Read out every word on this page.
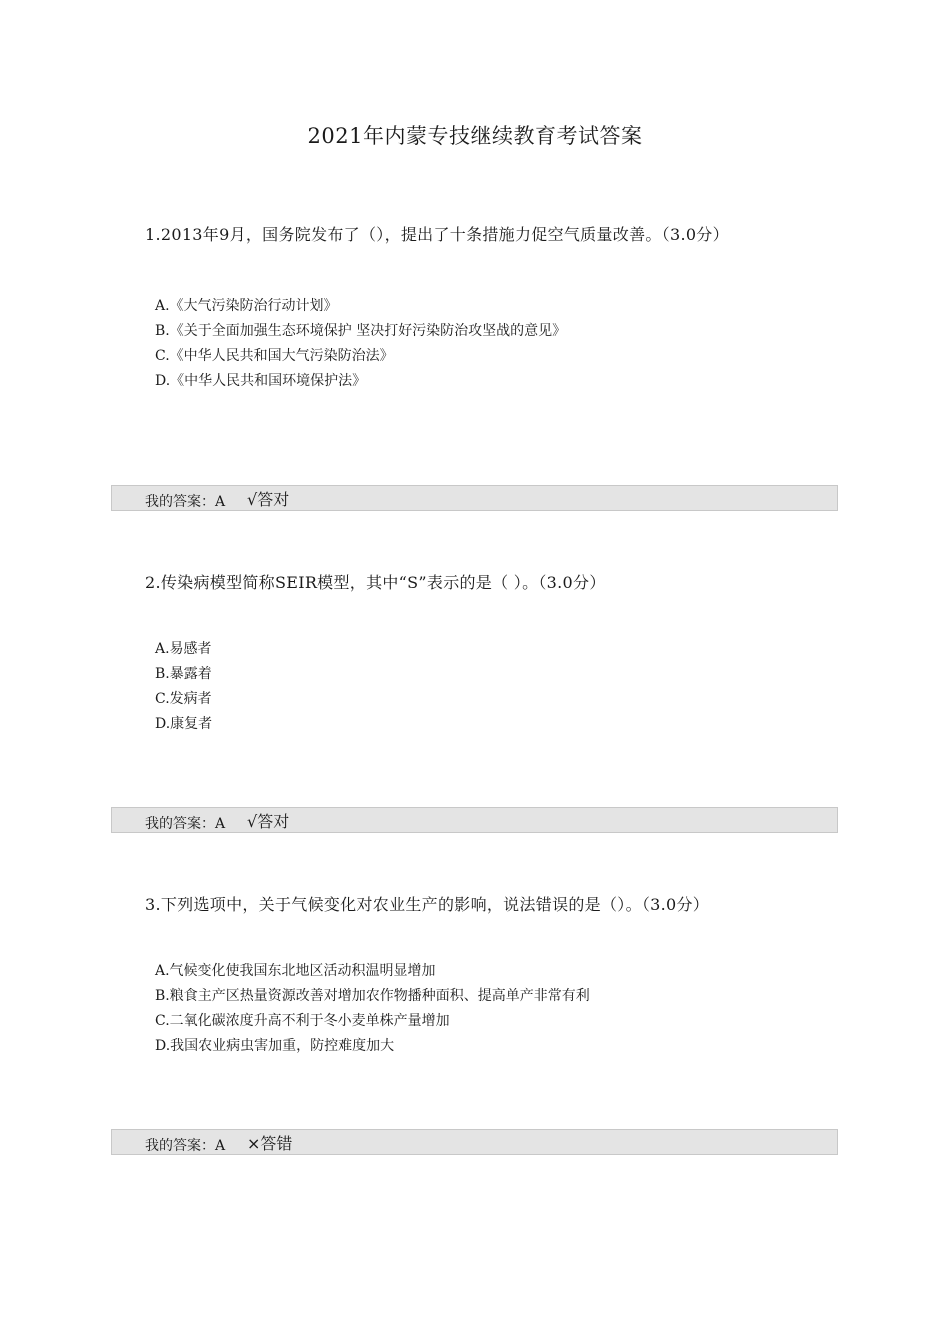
2021年内蒙专技继续教育考试答案
1.2013年9月，国务院发布了（），提出了十条措施力促空气质量改善。（3.0分）
A.《大气污染防治行动计划》
B.《关于全面加强生态环境保护 坚决打好污染防治攻坚战的意见》
C.《中华人民共和国大气污染防治法》
D.《中华人民共和国环境保护法》
我的答案：A √答对
2.传染病模型简称SEIR模型，其中“S”表示的是（ ）。（3.0分）
A.易感者
B.暴露着
C.发病者
D.康复者
我的答案：A √答对
3.下列选项中，关于气候变化对农业生产的影响，说法错误的是（）。（3.0分）
A.气候变化使我国东北地区活动积温明显增加
B.粮食主产区热量资源改善对增加农作物播种面积、提高单产非常有利
C.二氧化碳浓度升高不利于冬小麦单株产量增加
D.我国农业病虫害加重，防控难度加大
我的答案：A ×答错
